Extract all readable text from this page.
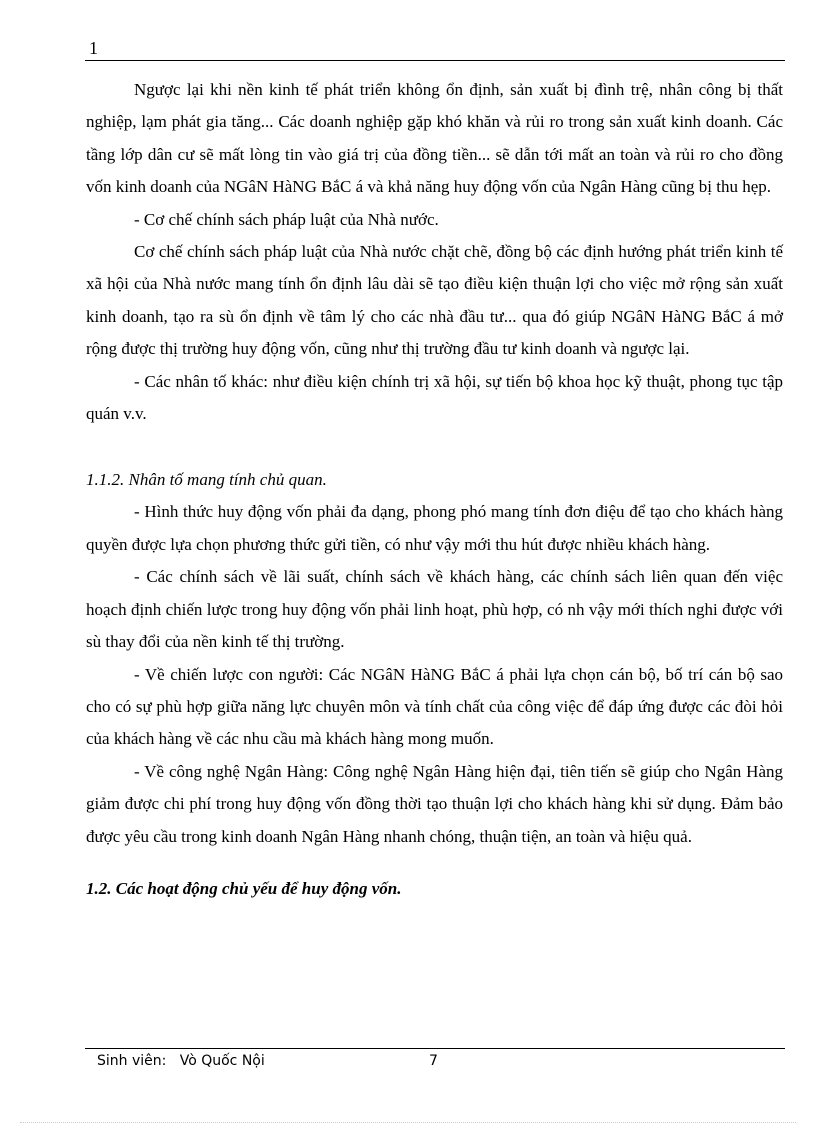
1

Ngược lại khi nền kinh tế phát triển không ổn định, sản xuất bị đình trệ, nhân công bị thất nghiệp, lạm phát gia tăng... Các doanh nghiệp gặp khó khăn và rủi ro trong sản xuất kinh doanh. Các tầng lớp dân cư sẽ mất lòng tin vào giá trị của đồng tiền... sẽ dẫn tới mất an toàn và rủi ro cho đồng vốn kinh doanh của NGâN HàNG BắC á và khả năng huy động vốn của Ngân Hàng cũng bị thu hẹp.

- Cơ chế chính sách pháp luật của Nhà nước.

Cơ chế chính sách pháp luật của Nhà nước chặt chẽ, đồng bộ các định hướng phát triển kinh tế xã hội của Nhà nước mang tính ổn định lâu dài sẽ tạo điều kiện thuận lợi cho việc mở rộng sản xuất kinh doanh, tạo ra sù ổn định về tâm lý cho các nhà đầu tư... qua đó giúp NGâN HàNG BắC á mở rộng được thị trường huy động vốn, cũng như thị trường đầu tư kinh doanh và ngược lại.

- Các nhân tố khác: như điều kiện chính trị xã hội, sự tiến bộ khoa học kỹ thuật, phong tục tập quán v.v.

1.1.2. Nhân tố mang tính chủ quan.

- Hình thức huy động vốn phải đa dạng, phong phó mang tính đơn điệu để tạo cho khách hàng quyền được lựa chọn phương thức gửi tiền, có như vậy mới thu hút được nhiều khách hàng.

- Các chính sách về lãi suất, chính sách về khách hàng, các chính sách liên quan đến việc hoạch định chiến lược trong huy động vốn phải linh hoạt, phù hợp, có nh vậy mới thích nghi được với sù thay đổi của nền kinh tế thị trường.

- Về chiến lược con người: Các NGâN HàNG BắC á phải lựa chọn cán bộ, bố trí cán bộ sao cho có sự phù hợp giữa năng lực chuyên môn và tính chất của công việc để đáp ứng được các đòi hỏi của khách hàng về các nhu cầu mà khách hàng mong muốn.

- Về công nghệ Ngân Hàng: Công nghệ Ngân Hàng hiện đại, tiên tiến sẽ giúp cho Ngân Hàng giảm được chi phí trong huy động vốn đồng thời tạo thuận lợi cho khách hàng khi sử dụng. Đảm bảo được yêu cầu trong kinh doanh Ngân Hàng nhanh chóng, thuận tiện, an toàn và hiệu quả.

1.2. Các hoạt động chủ yếu để huy động vốn.

Sinh viên:   Vò Quốc Nội	7
